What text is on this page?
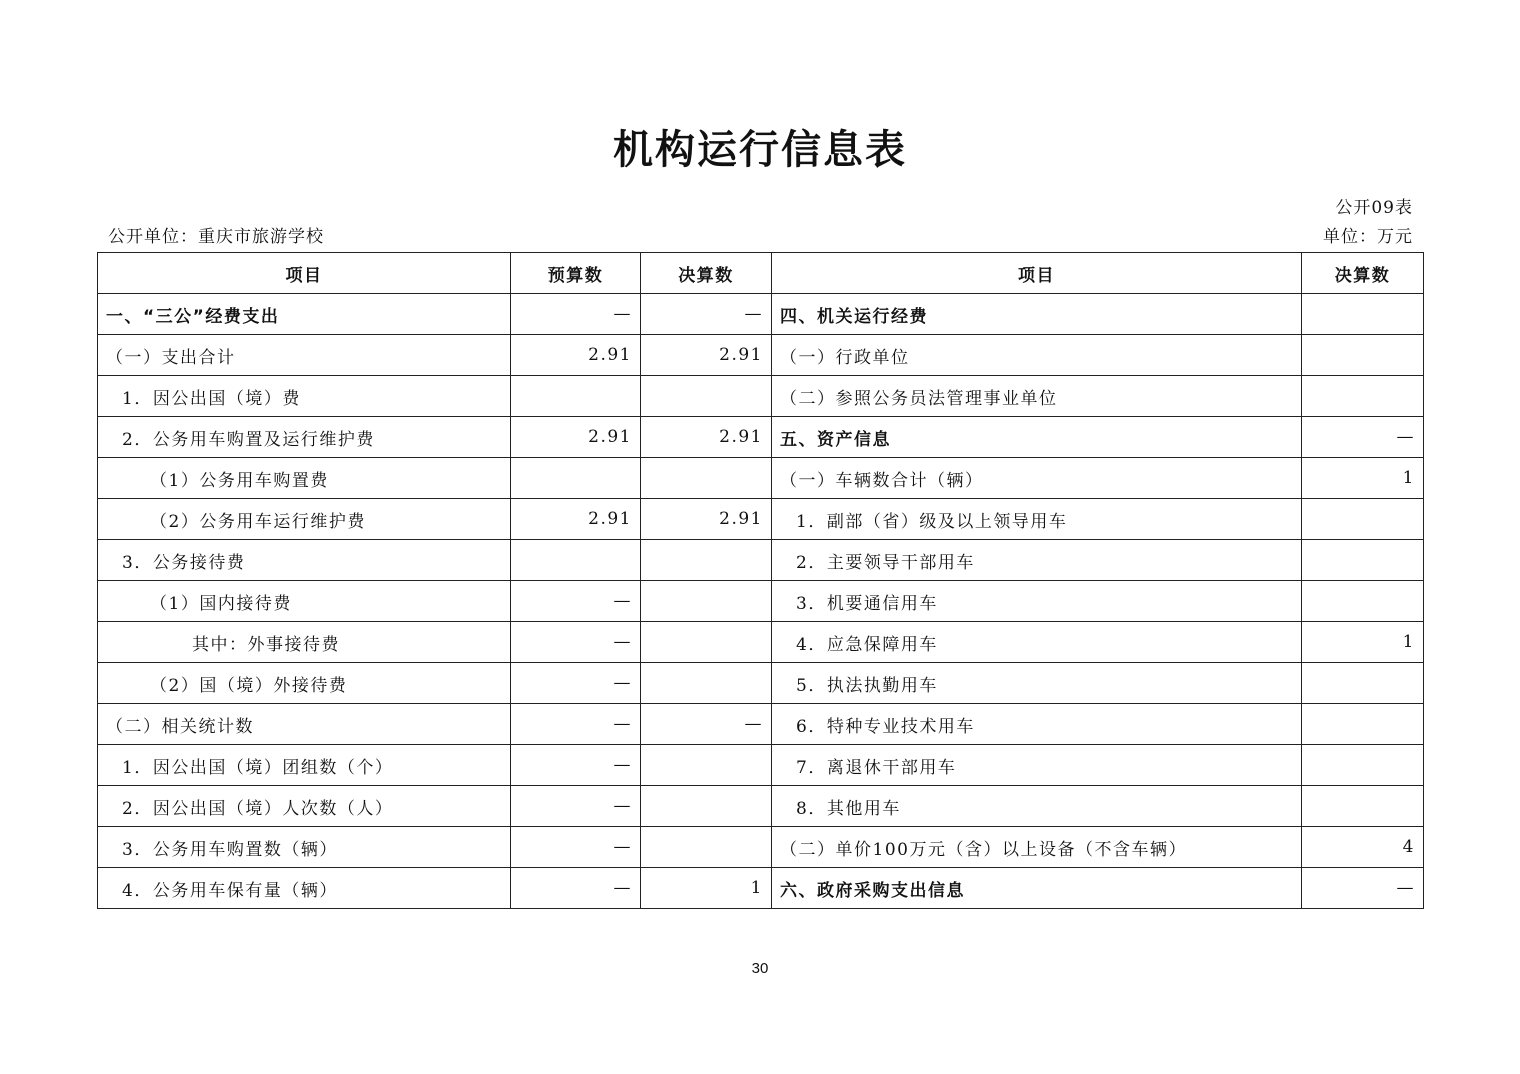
机构运行信息表
公开09表
公开单位：重庆市旅游学校	单位：万元
项目	预算数	决算数	项目	决算数
一、“三公”经费支出	—	—	四、机关运行经费	
（一）支出合计	2.91	2.91	（一）行政单位	
1．因公出国（境）费			（二）参照公务员法管理事业单位	
2．公务用车购置及运行维护费	2.91	2.91	五、资产信息	—
（1）公务用车购置费			（一）车辆数合计（辆）	1
（2）公务用车运行维护费	2.91	2.91	1．副部（省）级及以上领导用车	
3．公务接待费			2．主要领导干部用车	
（1）国内接待费	—		3．机要通信用车	
其中：外事接待费	—		4．应急保障用车	1
（2）国（境）外接待费	—		5．执法执勤用车	
（二）相关统计数	—	—	6．特种专业技术用车	
1．因公出国（境）团组数（个）	—		7．离退休干部用车	
2．因公出国（境）人次数（人）	—		8．其他用车	
3．公务用车购置数（辆）	—		（二）单价100万元（含）以上设备（不含车辆）	4
4．公务用车保有量（辆）	—	1	六、政府采购支出信息	—
30
